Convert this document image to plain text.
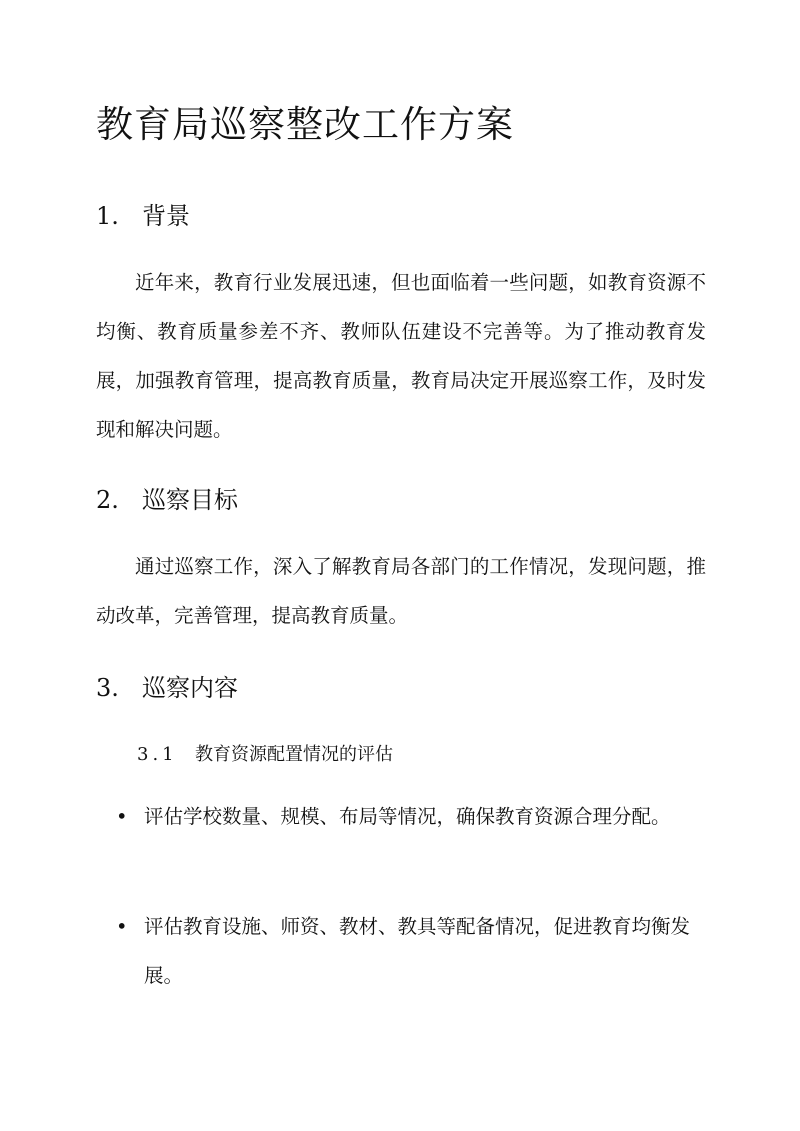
教育局巡察整改工作方案
1. 背景

近年来，教育行业发展迅速，但也面临着一些问题，如教育资源不均衡、教育质量参差不齐、教师队伍建设不完善等。为了推动教育发展，加强教育管理，提高教育质量，教育局决定开展巡察工作，及时发现和解决问题。

2. 巡察目标

通过巡察工作，深入了解教育局各部门的工作情况，发现问题，推动改革，完善管理，提高教育质量。

3. 巡察内容
3.1 教育资源配置情况的评估
• 评估学校数量、规模、布局等情况，确保教育资源合理分配。
• 评估教育设施、师资、教材、教具等配备情况，促进教育均衡发展。
